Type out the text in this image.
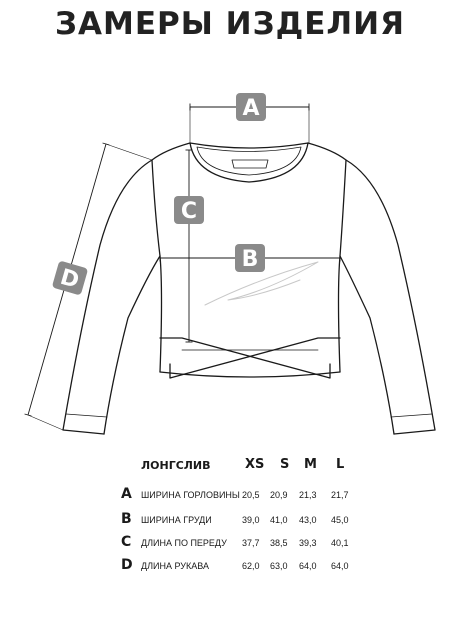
ЗАМЕРЫ ИЗДЕЛИЯ
A
C
B
D
ЛОНГСЛИВ	XS S M L
A ШИРИНА ГОРЛОВИНЫ 20,5 20,9 21,3 21,7
B ШИРИНА ГРУДИ	39,0 41,0 43,0 45,0
C ДЛИНА ПО ПЕРЕДУ 37,7 38,5 39,3 40,1
D ДЛИНА РУКАВА	62,0 63,0 64,0 64,0
